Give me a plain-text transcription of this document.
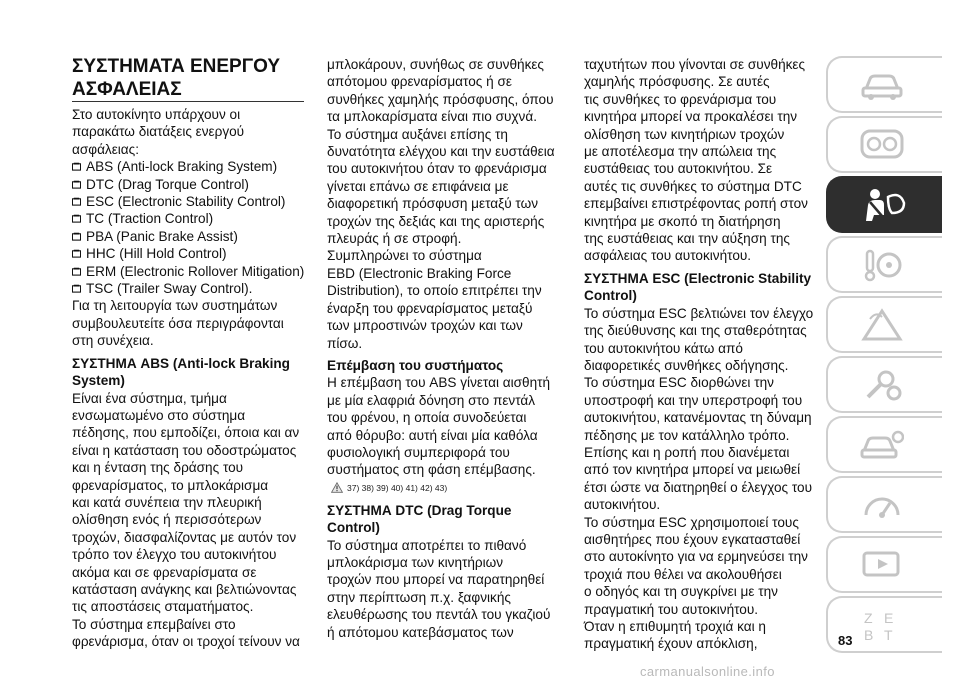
ΣΥΣΤΗΜΑΤΑ ΕΝΕΡΓΟΥ
ΑΣΦΑΛΕΙΑΣ
Στο αυτοκίνητο υπάρχουν οι
παρακάτω διατάξεις ενεργού
ασφάλειας:
ABS (Anti-lock Braking System)
DTC (Drag Torque Control)
ESC (Electronic Stability Control)
TC (Traction Control)
PBA (Panic Brake Assist)
HHC (Hill Hold Control)
ERM (Electronic Rollover Mitigation)
TSC (Trailer Sway Control).
Για τη λειτουργία των συστημάτων
συμβουλευτείτε όσα περιγράφονται
στη συνέχεια.
ΣΥΣΤΗΜΑ ABS (Anti-lock Braking
System)
Είναι ένα σύστημα, τμήμα
ενσωματωμένο στο σύστημα
πέδησης, που εμποδίζει, όποια και αν
είναι η κατάσταση του οδοστρώματος
και η ένταση της δράσης του
φρεναρίσματος, το μπλοκάρισμα
και κατά συνέπεια την πλευρική
ολίσθηση ενός ή περισσότερων
τροχών, διασφαλίζοντας με αυτόν τον
τρόπο τον έλεγχο του αυτοκινήτου
ακόμα και σε φρεναρίσματα σε
κατάσταση ανάγκης και βελτιώνοντας
τις αποστάσεις σταματήματος.
Το σύστημα επεμβαίνει στο
φρενάρισμα, όταν οι τροχοί τείνουν να
μπλοκάρουν, συνήθως σε συνθήκες
απότομου φρεναρίσματος ή σε
συνθήκες χαμηλής πρόσφυσης, όπου
τα μπλοκαρίσματα είναι πιο συχνά.
Το σύστημα αυξάνει επίσης τη
δυνατότητα ελέγχου και την ευστάθεια
του αυτοκινήτου όταν το φρενάρισμα
γίνεται επάνω σε επιφάνεια με
διαφορετική πρόσφυση μεταξύ των
τροχών της δεξιάς και της αριστερής
πλευράς ή σε στροφή.
Συμπληρώνει το σύστημα
EBD (Electronic Braking Force
Distribution), το οποίο επιτρέπει την
έναρξη του φρεναρίσματος μεταξύ
των μπροστινών τροχών και των
πίσω.
Επέμβαση του συστήματος
Η επέμβαση του ABS γίνεται αισθητή
με μία ελαφριά δόνηση στο πεντάλ
του φρένου, η οποία συνοδεύεται
από θόρυβο: αυτή είναι μία καθόλα
φυσιολογική συμπεριφορά του
συστήματος στη φάση επέμβασης.
37) 38) 39) 40) 41) 42) 43)
ΣΥΣΤΗΜΑ DTC (Drag Torque
Control)
Το σύστημα αποτρέπει το πιθανό
μπλοκάρισμα των κινητήριων
τροχών που μπορεί να παρατηρηθεί
στην περίπτωση π.χ. ξαφνικής
ελευθέρωσης του πεντάλ του γκαζιού
ή απότομου κατεβάσματος των
ταχυτήτων που γίνονται σε συνθήκες
χαμηλής πρόσφυσης. Σε αυτές
τις συνθήκες το φρενάρισμα του
κινητήρα μπορεί να προκαλέσει την
ολίσθηση των κινητήριων τροχών
με αποτέλεσμα την απώλεια της
ευστάθειας του αυτοκινήτου. Σε
αυτές τις συνθήκες το σύστημα DTC
επεμβαίνει επιστρέφοντας ροπή στον
κινητήρα με σκοπό τη διατήρηση
της ευστάθειας και την αύξηση της
ασφάλειας του αυτοκινήτου.
ΣΥΣΤΗΜΑ ESC (Electronic Stability
Control)
Το σύστημα ESC βελτιώνει τον έλεγχο
της διεύθυνσης και της σταθερότητας
του αυτοκινήτου κάτω από
διαφορετικές συνθήκες οδήγησης.
Το σύστημα ESC διορθώνει την
υποστροφή και την υπερστροφή του
αυτοκινήτου, κατανέμοντας τη δύναμη
πέδησης με τον κατάλληλο τρόπο.
Επίσης και η ροπή που διανέμεται
από τον κινητήρα μπορεί να μειωθεί
έτσι ώστε να διατηρηθεί ο έλεγχος του
αυτοκινήτου.
Το σύστημα ESC χρησιμοποιεί τους
αισθητήρες που έχουν εγκατασταθεί
στο αυτοκίνητο για να ερμηνεύσει την
τροχιά που θέλει να ακολουθήσει
ο οδηγός και τη συγκρίνει με την
πραγματική του αυτοκινήτου.
Όταν η επιθυμητή τροχιά και η
πραγματική έχουν απόκλιση,
Z E
B T
83
carmanualsonline.info
